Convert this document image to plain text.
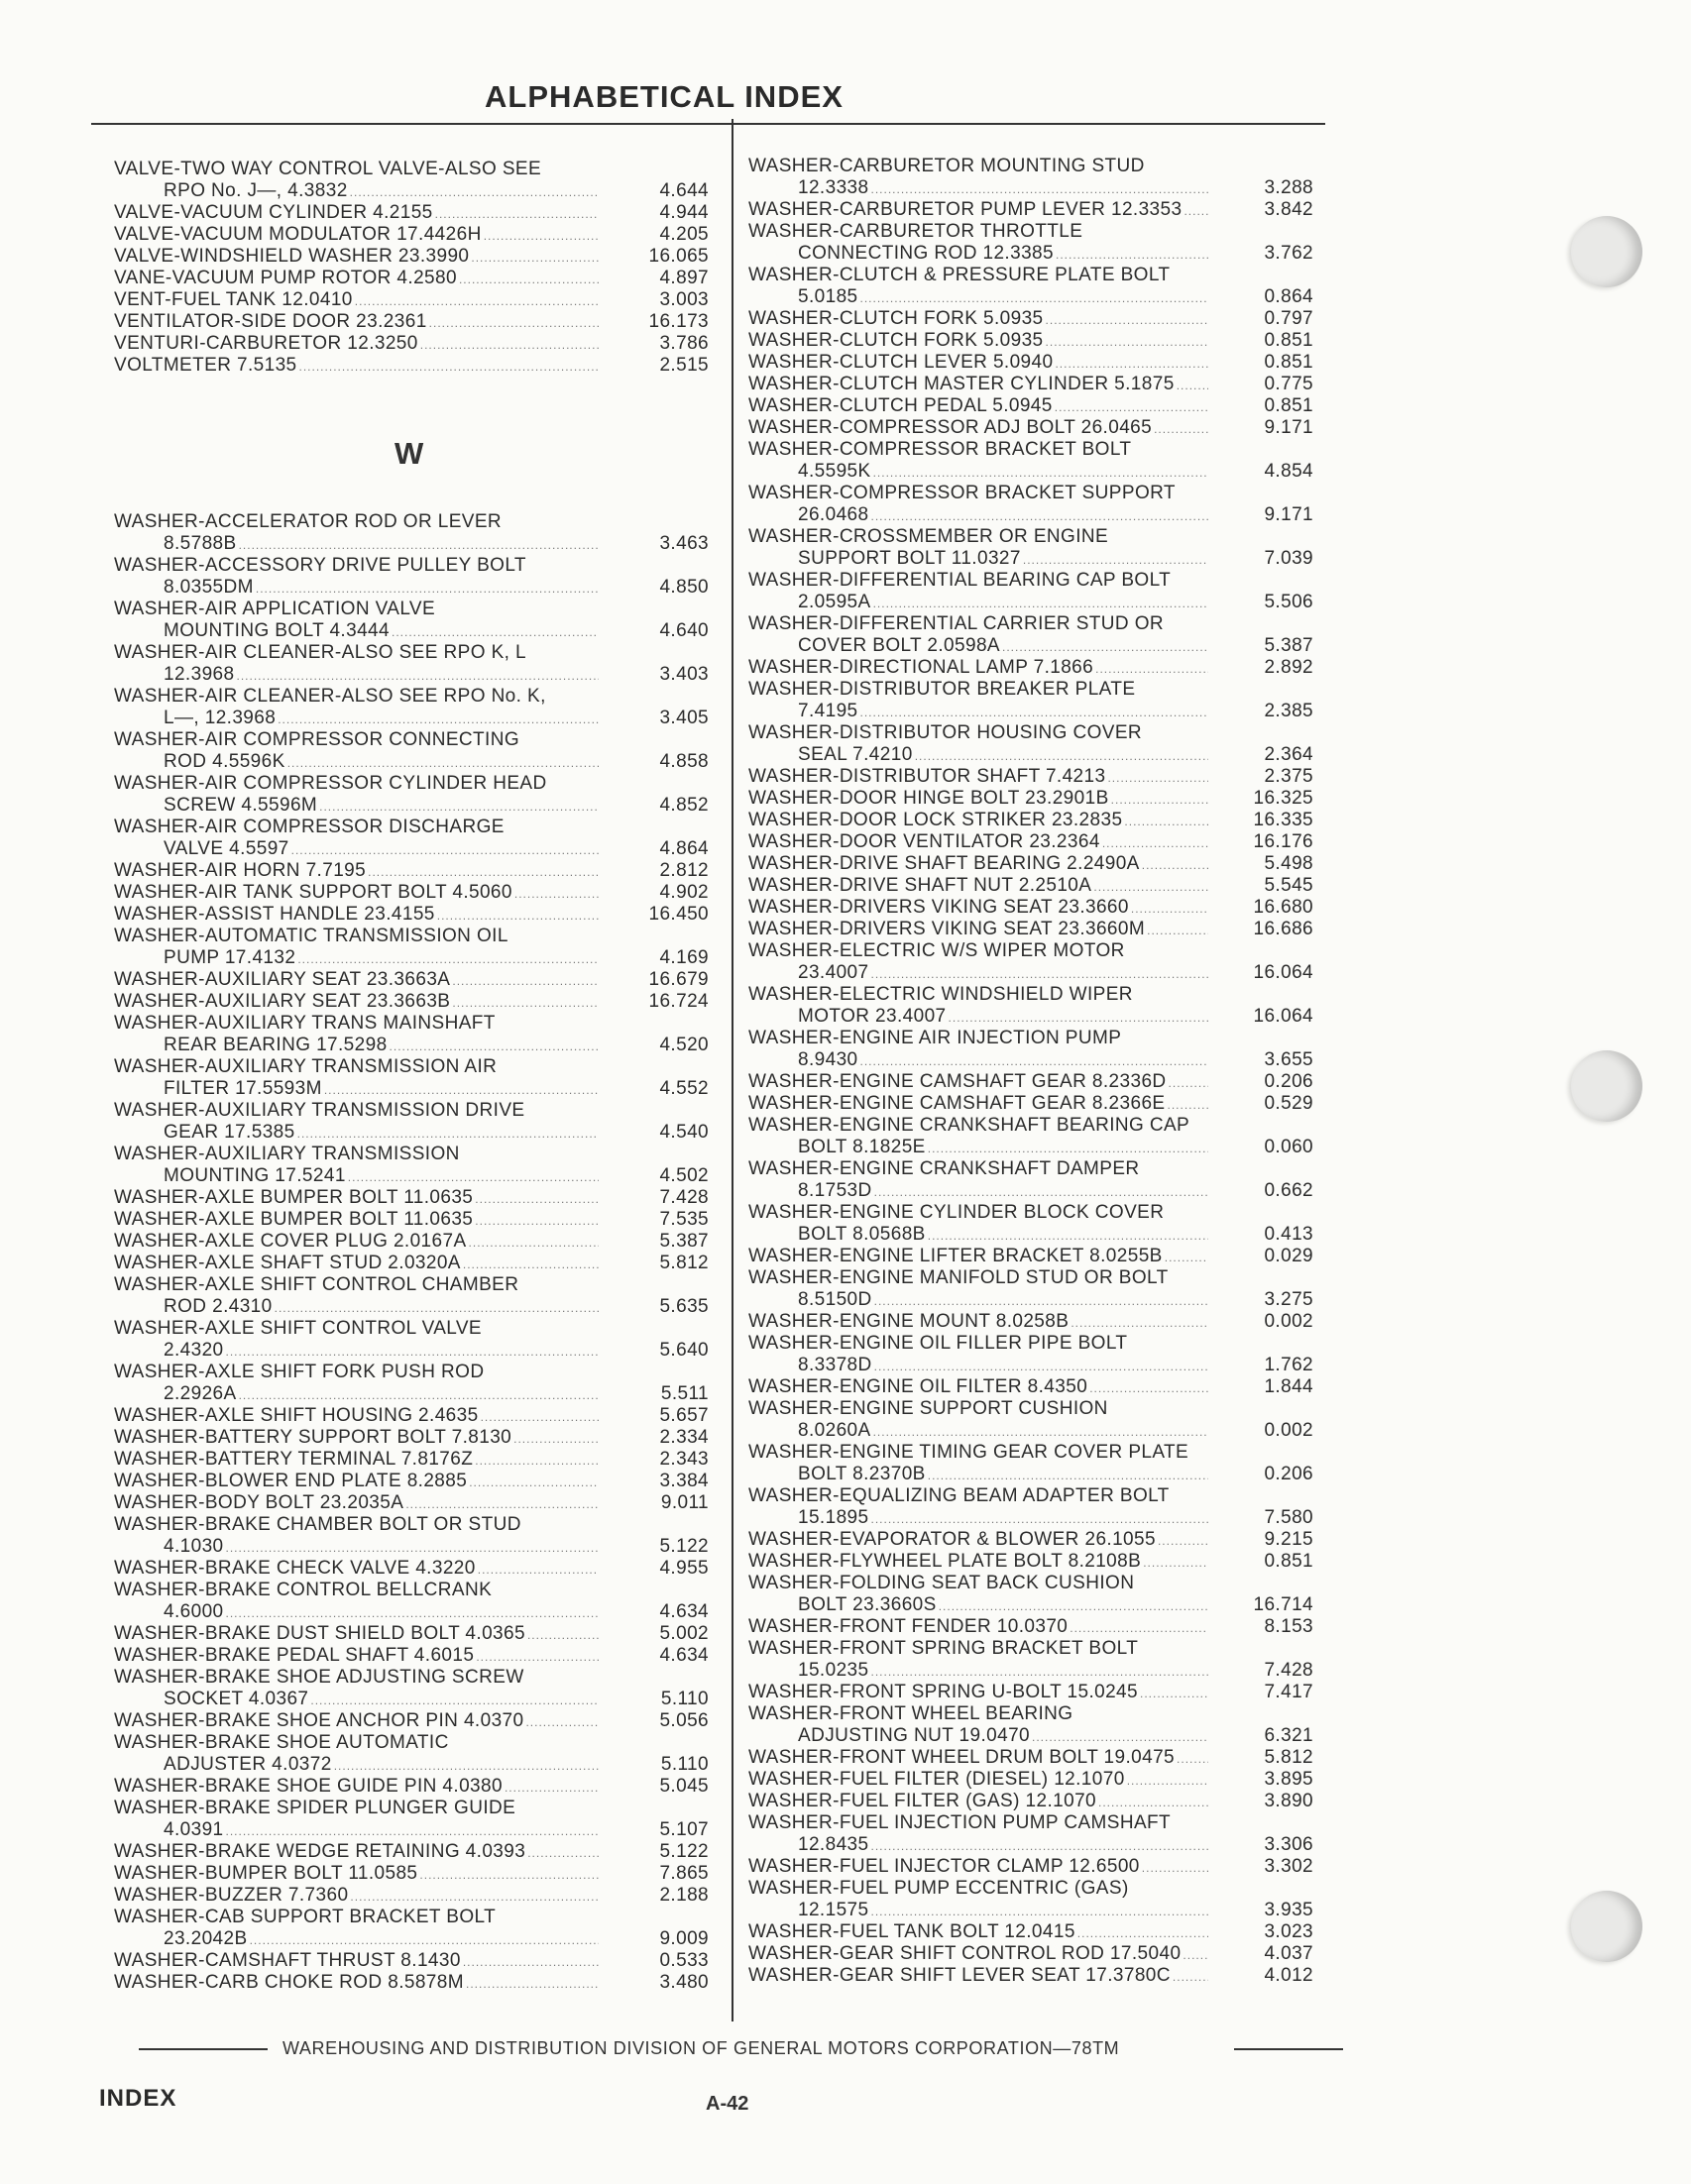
ALPHABETICAL INDEX
VALVE-TWO WAY CONTROL VALVE-ALSO SEE
RPO No. J—, 4.3832 .....	4.644
VALVE-VACUUM CYLINDER 4.2155 .....	4.944
VALVE-VACUUM MODULATOR 17.4426H .....	4.205
VALVE-WINDSHIELD WASHER 23.3990 .....	16.065
VANE-VACUUM PUMP ROTOR 4.2580 .....	4.897
VENT-FUEL TANK 12.0410 .....	3.003
VENTILATOR-SIDE DOOR 23.2361 .....	16.173
VENTURI-CARBURETOR 12.3250 .....	3.786
VOLTMETER 7.5135 .....	2.515
WASHER-ACCELERATOR ROD OR LEVER
8.5788B .....	3.463
WASHER-ACCESSORY DRIVE PULLEY BOLT
8.0355DM .....	4.850
WASHER-AIR APPLICATION VALVE
MOUNTING BOLT 4.3444 .....	4.640
WASHER-AIR CLEANER-ALSO SEE RPO K, L
12.3968 .....	3.403
WASHER-AIR CLEANER-ALSO SEE RPO No. K,
L—, 12.3968 .....	3.405
WASHER-AIR COMPRESSOR CONNECTING
ROD 4.5596K .....	4.858
WASHER-AIR COMPRESSOR CYLINDER HEAD
SCREW 4.5596M .....	4.852
WASHER-AIR COMPRESSOR DISCHARGE
VALVE 4.5597 .....	4.864
WASHER-AIR HORN 7.7195 .....	2.812
WASHER-AIR TANK SUPPORT BOLT 4.5060 .....	4.902
WASHER-ASSIST HANDLE 23.4155 .....	16.450
WASHER-AUTOMATIC TRANSMISSION OIL
PUMP 17.4132 .....	4.169
WASHER-AUXILIARY SEAT 23.3663A .....	16.679
WASHER-AUXILIARY SEAT 23.3663B .....	16.724
WASHER-AUXILIARY TRANS MAINSHAFT
REAR BEARING 17.5298 .....	4.520
WASHER-AUXILIARY TRANSMISSION AIR
FILTER 17.5593M .....	4.552
WASHER-AUXILIARY TRANSMISSION DRIVE
GEAR 17.5385 .....	4.540
WASHER-AUXILIARY TRANSMISSION
MOUNTING 17.5241 .....	4.502
WASHER-AXLE BUMPER BOLT 11.0635 .....	7.428
WASHER-AXLE BUMPER BOLT 11.0635 .....	7.535
WASHER-AXLE COVER PLUG 2.0167A .....	5.387
WASHER-AXLE SHAFT STUD 2.0320A .....	5.812
WASHER-AXLE SHIFT CONTROL CHAMBER
ROD 2.4310 .....	5.635
WASHER-AXLE SHIFT CONTROL VALVE
2.4320 .....	5.640
WASHER-AXLE SHIFT FORK PUSH ROD
2.2926A .....	5.511
WASHER-AXLE SHIFT HOUSING 2.4635 .....	5.657
WASHER-BATTERY SUPPORT BOLT 7.8130 .....	2.334
WASHER-BATTERY TERMINAL 7.8176Z .....	2.343
WASHER-BLOWER END PLATE 8.2885 .....	3.384
WASHER-BODY BOLT 23.2035A .....	9.011
WASHER-BRAKE CHAMBER BOLT OR STUD
4.1030 .....	5.122
WASHER-BRAKE CHECK VALVE 4.3220 .....	4.955
WASHER-BRAKE CONTROL BELLCRANK
4.6000 .....	4.634
WASHER-BRAKE DUST SHIELD BOLT 4.0365 .....	5.002
WASHER-BRAKE PEDAL SHAFT 4.6015 .....	4.634
WASHER-BRAKE SHOE ADJUSTING SCREW
SOCKET 4.0367 .....	5.110
WASHER-BRAKE SHOE ANCHOR PIN 4.0370 .....	5.056
WASHER-BRAKE SHOE AUTOMATIC
ADJUSTER 4.0372 .....	5.110
WASHER-BRAKE SHOE GUIDE PIN 4.0380 .....	5.045
WASHER-BRAKE SPIDER PLUNGER GUIDE
4.0391 .....	5.107
WASHER-BRAKE WEDGE RETAINING 4.0393 .....	5.122
WASHER-BUMPER BOLT 11.0585 .....	7.865
WASHER-BUZZER 7.7360 .....	2.188
WASHER-CAB SUPPORT BRACKET BOLT
23.2042B .....	9.009
WASHER-CAMSHAFT THRUST 8.1430 .....	0.533
WASHER-CARB CHOKE ROD 8.5878M .....	3.480
W
WASHER-CARBURETOR MOUNTING STUD
12.3338 .....	3.288
WASHER-CARBURETOR PUMP LEVER 12.3353 .....	3.842
WASHER-CARBURETOR THROTTLE
CONNECTING ROD 12.3385 .....	3.762
WASHER-CLUTCH & PRESSURE PLATE BOLT
5.0185 .....	0.864
WASHER-CLUTCH FORK 5.0935 .....	0.797
WASHER-CLUTCH FORK 5.0935 .....	0.851
WASHER-CLUTCH LEVER 5.0940 .....	0.851
WASHER-CLUTCH MASTER CYLINDER 5.1875 .....	0.775
WASHER-CLUTCH PEDAL 5.0945 .....	0.851
WASHER-COMPRESSOR ADJ BOLT 26.0465 .....	9.171
WASHER-COMPRESSOR BRACKET BOLT
4.5595K .....	4.854
WASHER-COMPRESSOR BRACKET SUPPORT
26.0468 .....	9.171
WASHER-CROSSMEMBER OR ENGINE
SUPPORT BOLT 11.0327 .....	7.039
WASHER-DIFFERENTIAL BEARING CAP BOLT
2.0595A .....	5.506
WASHER-DIFFERENTIAL CARRIER STUD OR
COVER BOLT 2.0598A .....	5.387
WASHER-DIRECTIONAL LAMP 7.1866 .....	2.892
WASHER-DISTRIBUTOR BREAKER PLATE
7.4195 .....	2.385
WASHER-DISTRIBUTOR HOUSING COVER
SEAL 7.4210 .....	2.364
WASHER-DISTRIBUTOR SHAFT 7.4213 .....	2.375
WASHER-DOOR HINGE BOLT 23.2901B .....	16.325
WASHER-DOOR LOCK STRIKER 23.2835 .....	16.335
WASHER-DOOR VENTILATOR 23.2364 .....	16.176
WASHER-DRIVE SHAFT BEARING 2.2490A .....	5.498
WASHER-DRIVE SHAFT NUT 2.2510A .....	5.545
WASHER-DRIVERS VIKING SEAT 23.3660 .....	16.680
WASHER-DRIVERS VIKING SEAT 23.3660M .....	16.686
WASHER-ELECTRIC W/S WIPER MOTOR
23.4007 .....	16.064
WASHER-ELECTRIC WINDSHIELD WIPER
MOTOR 23.4007 .....	16.064
WASHER-ENGINE AIR INJECTION PUMP
8.9430 .....	3.655
WASHER-ENGINE CAMSHAFT GEAR 8.2336D .....	0.206
WASHER-ENGINE CAMSHAFT GEAR 8.2366E .....	0.529
WASHER-ENGINE CRANKSHAFT BEARING CAP
BOLT 8.1825E .....	0.060
WASHER-ENGINE CRANKSHAFT DAMPER
8.1753D .....	0.662
WASHER-ENGINE CYLINDER BLOCK COVER
BOLT 8.0568B .....	0.413
WASHER-ENGINE LIFTER BRACKET 8.0255B .....	0.029
WASHER-ENGINE MANIFOLD STUD OR BOLT
8.5150D .....	3.275
WASHER-ENGINE MOUNT 8.0258B .....	0.002
WASHER-ENGINE OIL FILLER PIPE BOLT
8.3378D .....	1.762
WASHER-ENGINE OIL FILTER 8.4350 .....	1.844
WASHER-ENGINE SUPPORT CUSHION
8.0260A .....	0.002
WASHER-ENGINE TIMING GEAR COVER PLATE
BOLT 8.2370B .....	0.206
WASHER-EQUALIZING BEAM ADAPTER BOLT
15.1895 .....	7.580
WASHER-EVAPORATOR & BLOWER 26.1055 .....	9.215
WASHER-FLYWHEEL PLATE BOLT 8.2108B .....	0.851
WASHER-FOLDING SEAT BACK CUSHION
BOLT 23.3660S .....	16.714
WASHER-FRONT FENDER 10.0370 .....	8.153
WASHER-FRONT SPRING BRACKET BOLT
15.0235 .....	7.428
WASHER-FRONT SPRING U-BOLT 15.0245 .....	7.417
WASHER-FRONT WHEEL BEARING
ADJUSTING NUT 19.0470 .....	6.321
WASHER-FRONT WHEEL DRUM BOLT 19.0475 .....	5.812
WASHER-FUEL FILTER (DIESEL) 12.1070 .....	3.895
WASHER-FUEL FILTER (GAS) 12.1070 .....	3.890
WASHER-FUEL INJECTION PUMP CAMSHAFT
12.8435 .....	3.306
WASHER-FUEL INJECTOR CLAMP 12.6500 .....	3.302
WASHER-FUEL PUMP ECCENTRIC (GAS)
12.1575 .....	3.935
WASHER-FUEL TANK BOLT 12.0415 .....	3.023
WASHER-GEAR SHIFT CONTROL ROD 17.5040 .....	4.037
WASHER-GEAR SHIFT LEVER SEAT 17.3780C .....	4.012
WAREHOUSING AND DISTRIBUTION DIVISION OF GENERAL MOTORS CORPORATION—78TM
INDEX	A-42
